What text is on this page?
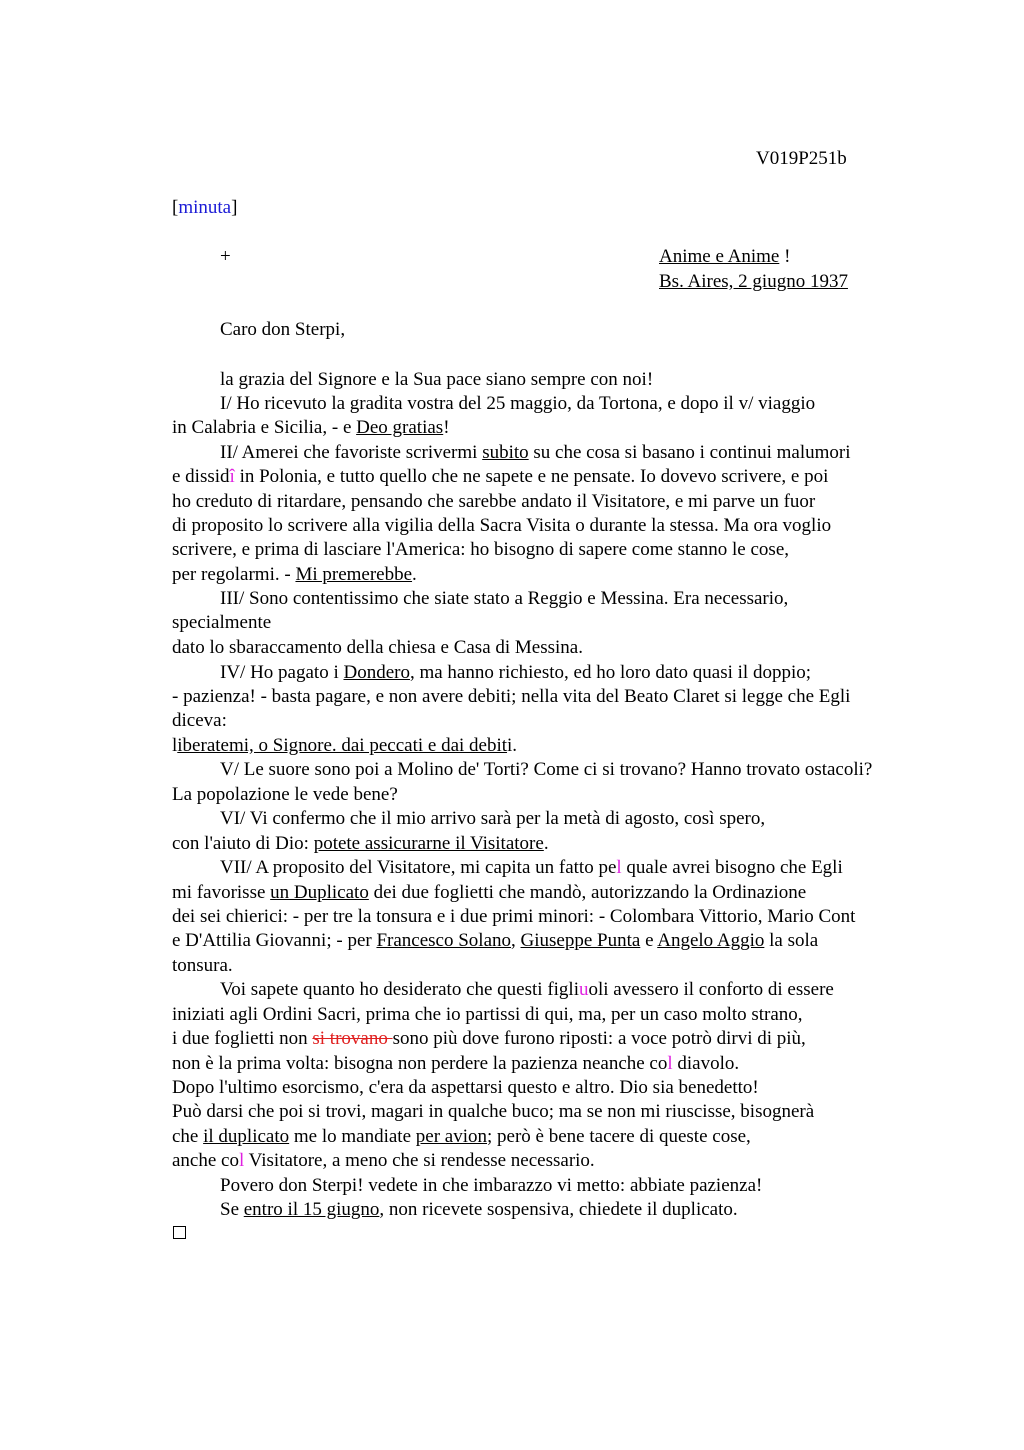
V019P251b
[minuta]
+	Anime e Anime !
Bs. Aires, 2 giugno 1937
Caro don Sterpi,
la grazia del Signore e la Sua pace siano sempre con noi!
I/ Ho ricevuto la gradita vostra del 25 maggio, da Tortona, e dopo il v/ viaggio
in Calabria e Sicilia, - e Deo gratias!
II/ Amerei che favoriste scrivermi subito su che cosa si basano i continui malumori
e dissidî in Polonia, e tutto quello che ne sapete e ne pensate. Io dovevo scrivere, e poi
ho creduto di ritardare, pensando che sarebbe andato il Visitatore, e mi parve un fuor
di proposito lo scrivere alla vigilia della Sacra Visita o durante la stessa. Ma ora voglio
scrivere, e prima di lasciare l'America: ho bisogno di sapere come stanno le cose,
per regolarmi. - Mi premerebbe.
III/ Sono contentissimo che siate stato a Reggio e Messina. Era necessario,
specialmente
dato lo sbaraccamento della chiesa e Casa di Messina.
IV/ Ho pagato i Dondero, ma hanno richiesto, ed ho loro dato quasi il doppio;
- pazienza! - basta pagare, e non avere debiti; nella vita del Beato Claret si legge che Egli
diceva:
liberatemi, o Signore. dai peccati e dai debiti.
V/ Le suore sono poi a Molino de' Torti? Come ci si trovano? Hanno trovato ostacoli?
La popolazione le vede bene?
VI/ Vi confermo che il mio arrivo sarà per la metà di agosto, così spero,
con l'aiuto di Dio: potete assicurarne il Visitatore.
VII/ A proposito del Visitatore, mi capita un fatto pel quale avrei bisogno che Egli
mi favorisse un Duplicato dei due foglietti che mandò, autorizzando la Ordinazione
dei sei chierici: - per tre la tonsura e i due primi minori: - Colombara Vittorio, Mario Cont
e D'Attilia Giovanni; - per Francesco Solano, Giuseppe Punta e Angelo Aggio la sola
tonsura.
Voi sapete quanto ho desiderato che questi figliuoli avessero il conforto di essere
iniziati agli Ordini Sacri, prima che io partissi di qui, ma, per un caso molto strano,
i due foglietti non si trovano sono più dove furono riposti: a voce potrò dirvi di più,
non è la prima volta: bisogna non perdere la pazienza neanche col diavolo.
Dopo l'ultimo esorcismo, c'era da aspettarsi questo e altro. Dio sia benedetto!
Può darsi che poi si trovi, magari in qualche buco; ma se non mi riuscisse, bisognerà
che il duplicato me lo mandiate per avion; però è bene tacere di queste cose,
anche col Visitatore, a meno che si rendesse necessario.
Povero don Sterpi! vedete in che imbarazzo vi metto: abbiate pazienza!
Se entro il 15 giugno, non ricevete sospensiva, chiedete il duplicato.
